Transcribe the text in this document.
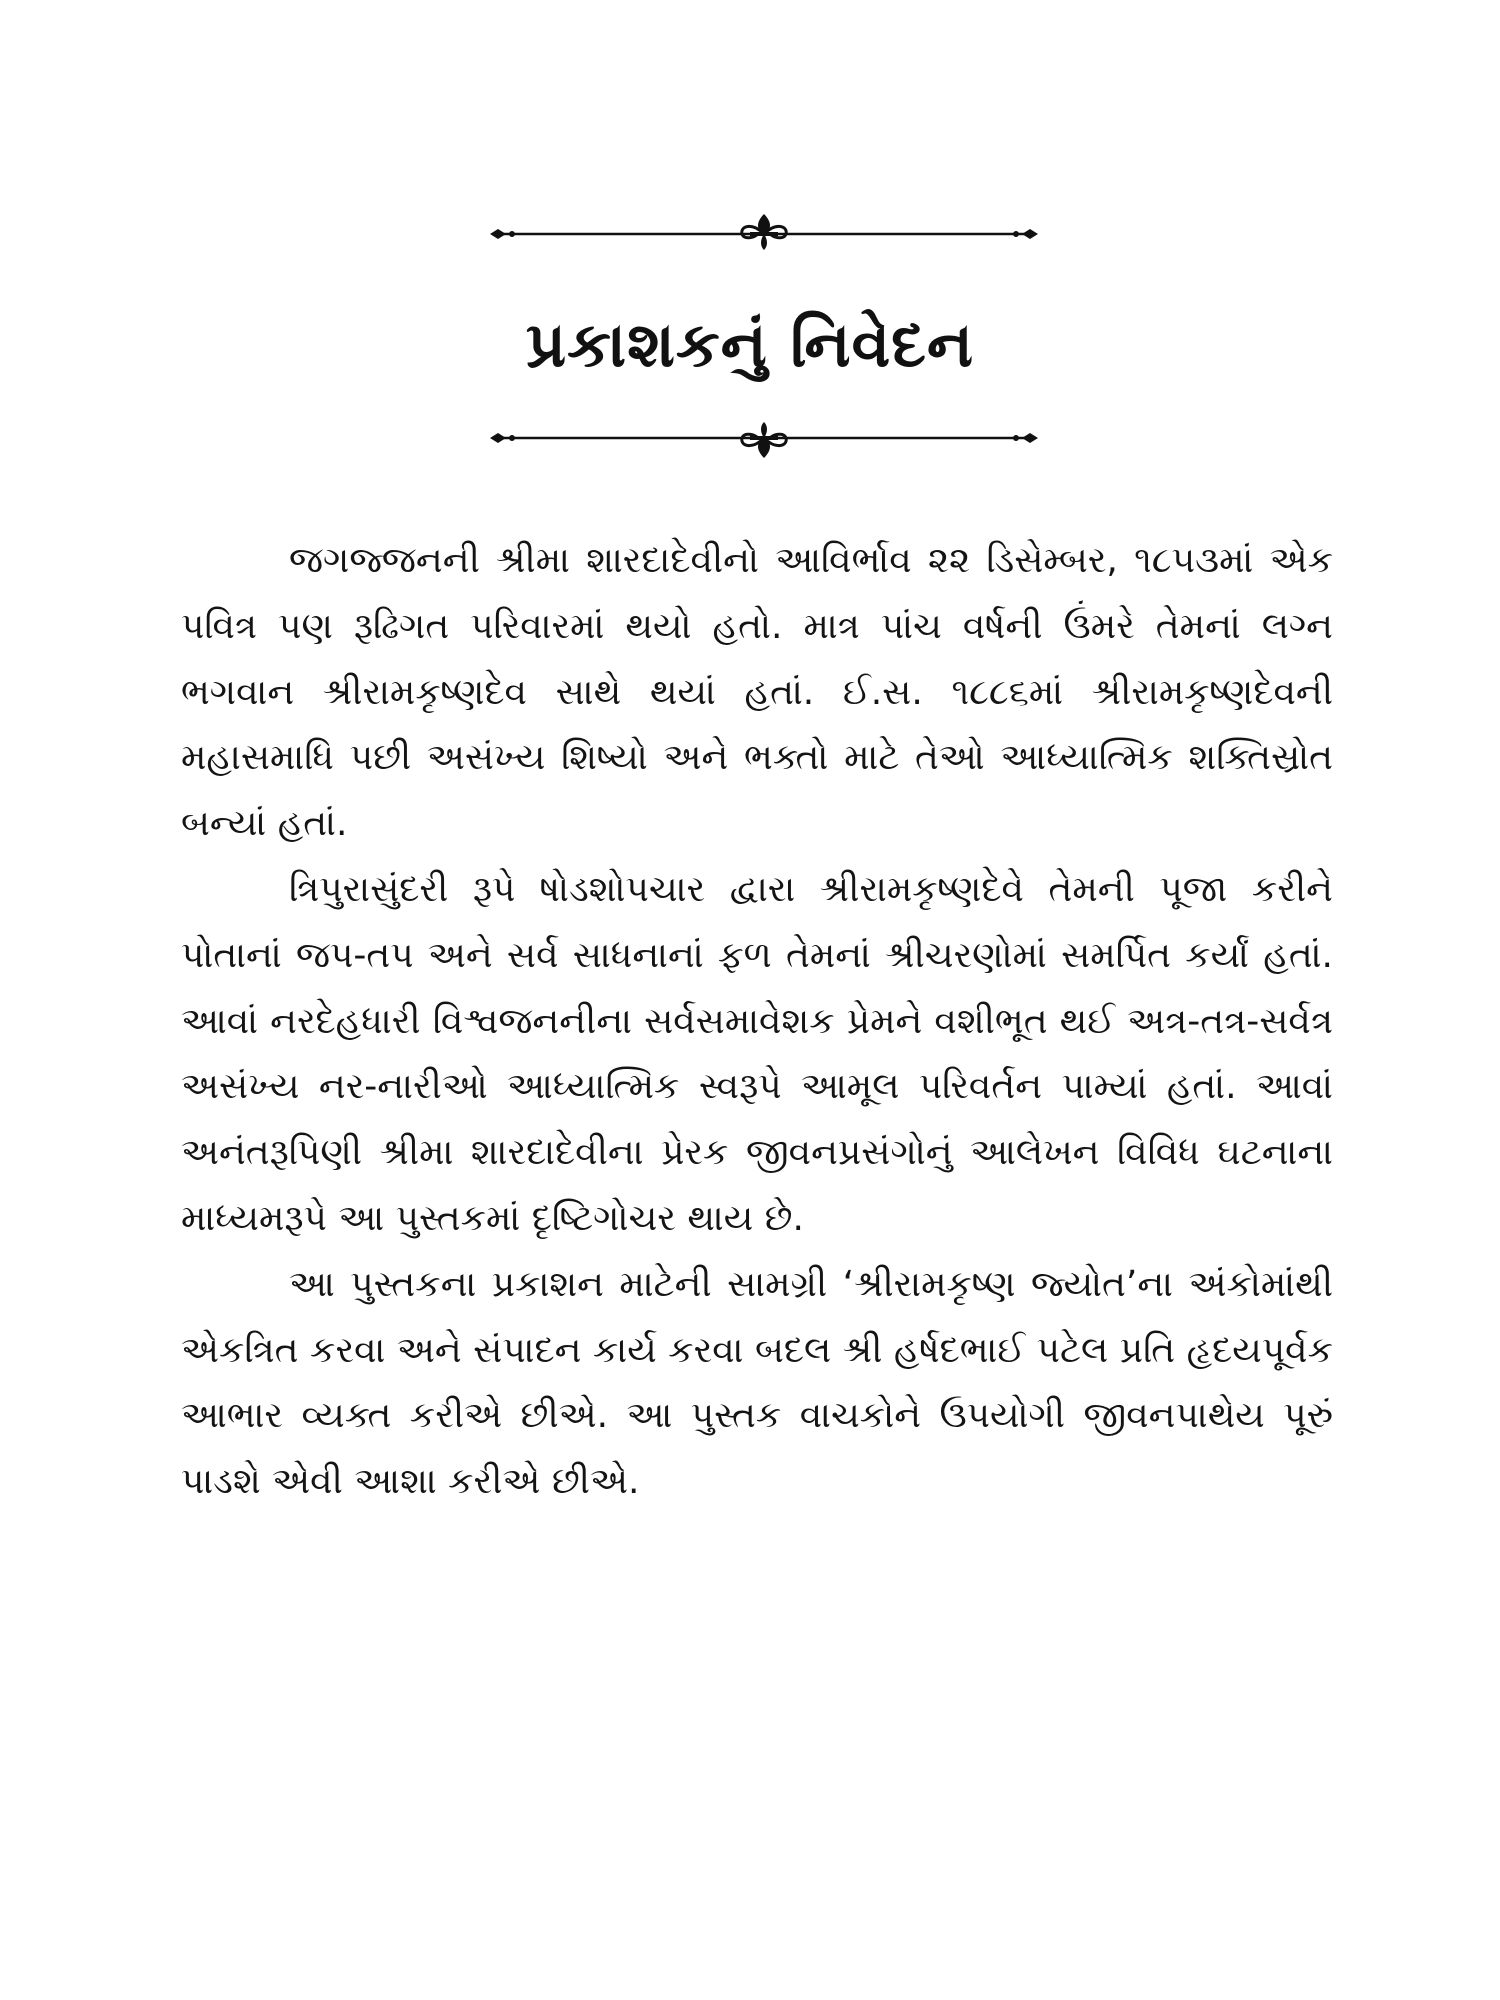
પ્રકાશકનું નિવેદન

જગજ્જનની શ્રીમા શારદાદેવીનો આવિર્ભાવ ૨૨ ડિસેમ્બર, ૧૮૫૩માં એક પવિત્ર પણ રૂઢિગત પરિવારમાં થયો હતો. માત્ર પાંચ વર્ષની ઉંમરે તેમનાં લગ્ન ભગવાન શ્રીરામકૃષ્ણદેવ સાથે થયાં હતાં. ઈ.સ. ૧૮૮૬માં શ્રીરામકૃષ્ણદેવની મહાસમાધિ પછી અસંખ્ય શિષ્યો અને ભક્તો માટે તેઓ આધ્યાત્મિક શક્તિસ્રોત બન્યાં હતાં.

ત્રિપુરાસુંદરી રૂપે ષોડશોપચાર દ્વારા શ્રીરામકૃષ્ણદેવે તેમની પૂજા કરીને પોતાનાં જપ-તપ અને સર્વ સાધનાનાં ફળ તેમનાં શ્રીચરણોમાં સમર્પિત કર્યાં હતાં. આવાં નરદેહધારી વિશ્વજનનીના સર્વસમાવેશક પ્રેમને વશીભૂત થઈ અત્ર-તત્ર-સર્વત્ર અસંખ્ય નર-નારીઓ આધ્યાત્મિક સ્વરૂપે આમૂલ પરિવર્તન પામ્યાં હતાં. આવાં અનંતરૂપિણી શ્રીમા શારદાદેવીના પ્રેરક જીવનપ્રસંગોનું આલેખન વિવિધ ઘટનાના માધ્યમરૂપે આ પુસ્તકમાં દૃષ્ટિગોચર થાય છે.

આ પુસ્તકના પ્રકાશન માટેની સામગ્રી ‘શ્રીરામકૃષ્ણ જ્યોત’ના અંકોમાંથી એકત્રિત કરવા અને સંપાદન કાર્ય કરવા બદલ શ્રી હર્ષદભાઈ પટેલ પ્રતિ હૃદયપૂર્વક આભાર વ્યક્ત કરીએ છીએ. આ પુસ્તક વાચકોને ઉપયોગી જીવનપાથેય પૂરું પાડશે એવી આશા કરીએ છીએ.
